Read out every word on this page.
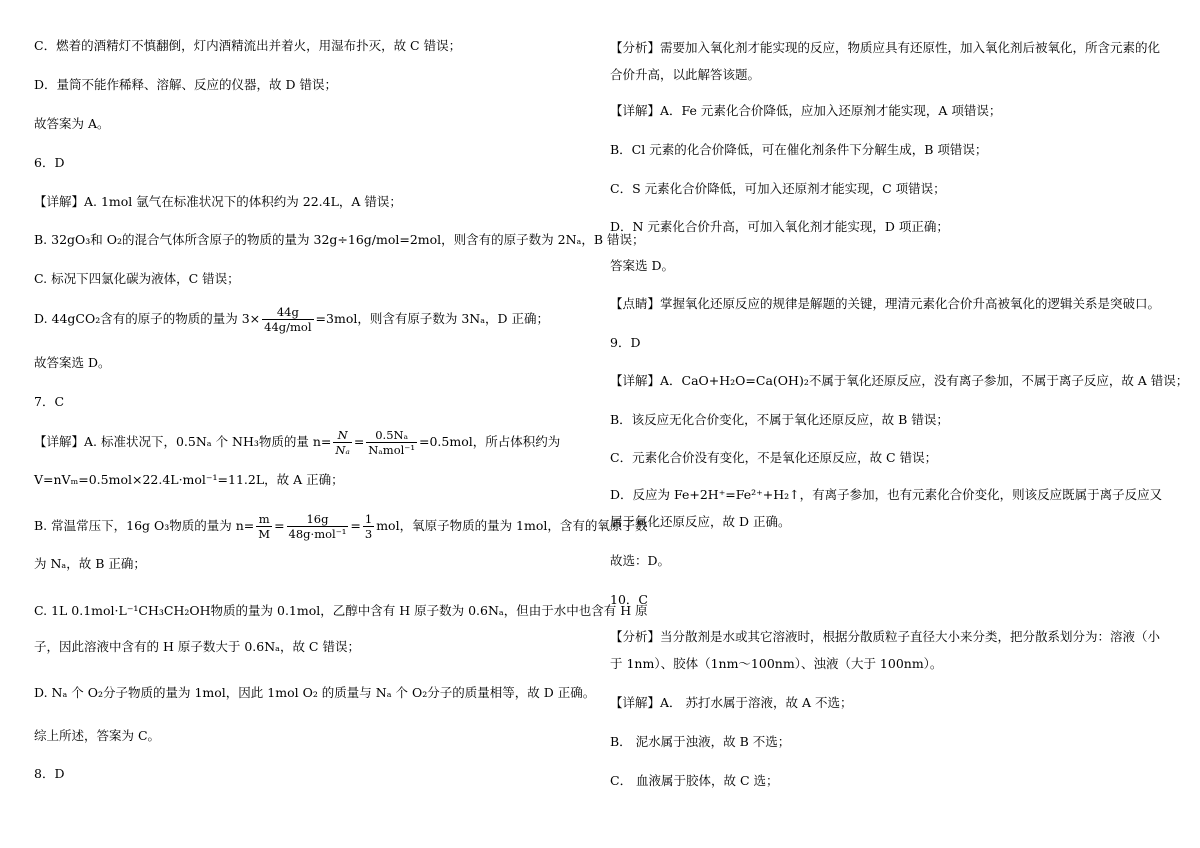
C．燃着的酒精灯不慎翻倒，灯内酒精流出并着火，用湿布扑灭，故 C 错误；
D．量筒不能作稀释、溶解、反应的仪器，故 D 错误；
故答案为 A。
6．D
【详解】A. 1mol 氩气在标准状况下的体积约为 22.4L，A 错误；
B. 32gO₃和 O₂的混合气体所含原子的物质的量为 32g÷16g/mol=2mol，则含有的原子数为 2Nₐ，B 错误；
C. 标况下四氯化碳为液体，C 错误；
D. 44gCO₂含有的原子的物质的量为 $3\times \frac{44g}{\text{44g/mol}} =3mol$，则含有原子数为 3Nₐ，D 正确；
故答案选 D。
7．C
【详解】A. 标准状况下，0.5Nₐ 个 NH₃物质的量 $n= \frac{N}{\text{Nₐ}} = \frac{\text{0.5Nₐ}}{\text{Nₐmol⁻¹}} =0.5mol$，所占体积约为
V=nVₘ=0.5mol×22.4L·mol⁻¹=11.2L，故 A 正确；
B. 常温常压下，16g O₃物质的量为 $n= \frac{m}{M} = \frac{16g}{\text{48g·mol⁻¹}} = \frac{1}{3}$ mol，氧原子物质的量为 1mol，含有的氧原子数
为 Nₐ，故 B 正确；
C. 1L 0.1mol·L⁻¹CH₃CH₂OH物质的量为 0.1mol，乙醇中含有 H 原子数为 0.6Nₐ，但由于水中也含有 H 原
子，因此溶液中含有的 H 原子数大于 0.6Nₐ，故 C 错误；
D. Nₐ 个 O₂分子物质的量为 1mol，因此 1mol O₂ 的质量与 Nₐ 个 O₂分子的质量相等，故 D 正确。
综上所述，答案为 C。
8．D
【分析】需要加入氧化剂才能实现的反应，物质应具有还原性，加入氧化剂后被氧化，所含元素的化合价升高，以此解答该题。
【详解】A．Fe 元素化合价降低，应加入还原剂才能实现，A 项错误；
B．Cl 元素的化合价降低，可在催化剂条件下分解生成，B 项错误；
C．S 元素化合价降低，可加入还原剂才能实现，C 项错误；
D．N 元素化合价升高，可加入氧化剂才能实现，D 项正确；
答案选 D。
【点睛】掌握氧化还原反应的规律是解题的关键，理清元素化合价升高被氧化的逻辑关系是突破口。
9．D
【详解】A．CaO+H₂O=Ca(OH)₂不属于氧化还原反应，没有离子参加，不属于离子反应，故 A 错误；
B．该反应无化合价变化，不属于氧化还原反应，故 B 错误；
C．元素化合价没有变化，不是氧化还原反应，故 C 错误；
D．反应为 Fe+2H⁺=Fe²⁺+H₂↑，有离子参加，也有元素化合价变化，则该反应既属于离子反应又属于氧化还原反应，故 D 正确。
故选：D。
10．C
【分析】当分散剂是水或其它溶液时，根据分散质粒子直径大小来分类，把分散系划分为：溶液（小于 1nm）、胶体（1nm～100nm）、浊液（大于 100nm）。
【详解】A． 苏打水属于溶液，故 A 不选；
B． 泥水属于浊液，故 B 不选；
C． 血液属于胶体，故 C 选；
